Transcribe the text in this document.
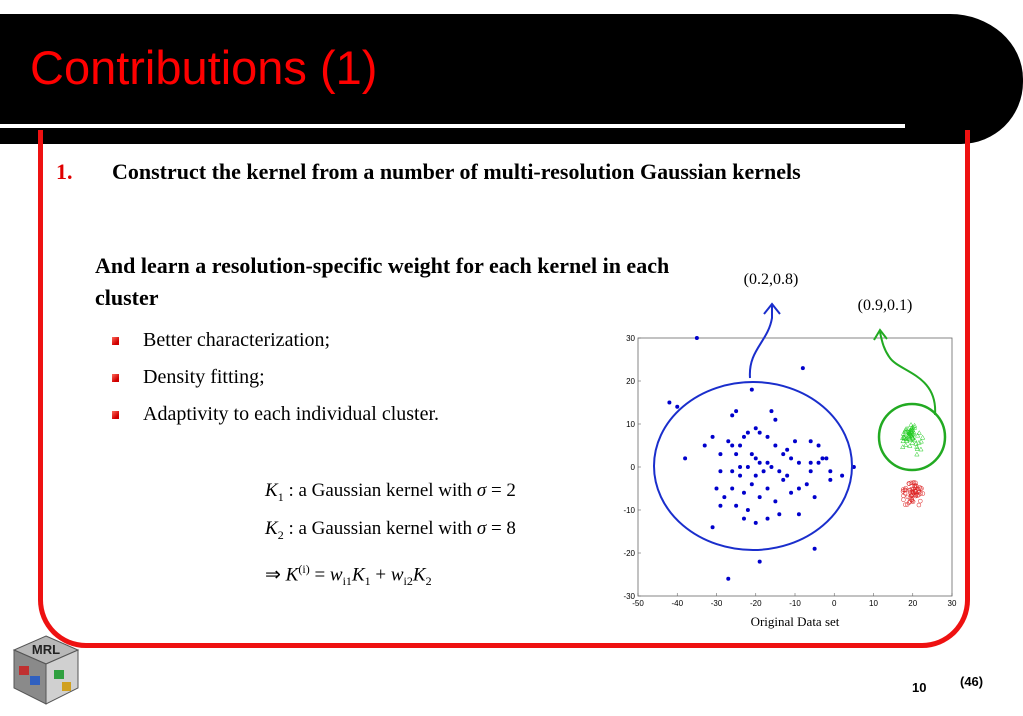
Contributions (1)
1. Construct the kernel from a number of multi-resolution Gaussian kernels
And learn a resolution-specific weight for each kernel in each cluster
Better characterization;
Density fitting;
Adaptivity to each individual cluster.
$K_1$ : a Gaussian kernel with σ = 2
$K_2$ : a Gaussian kernel with σ = 8
⇒ $K^{(i)} = w_{i1}K_1 + w_{i2}K_2$
-50	-40	-30	-20	-10	0	10	20	30
30
20
10
0
-10
-20
-30
Original Data set
(0.2,0.8)
(0.9,0.1)
MRL
10	(46)
